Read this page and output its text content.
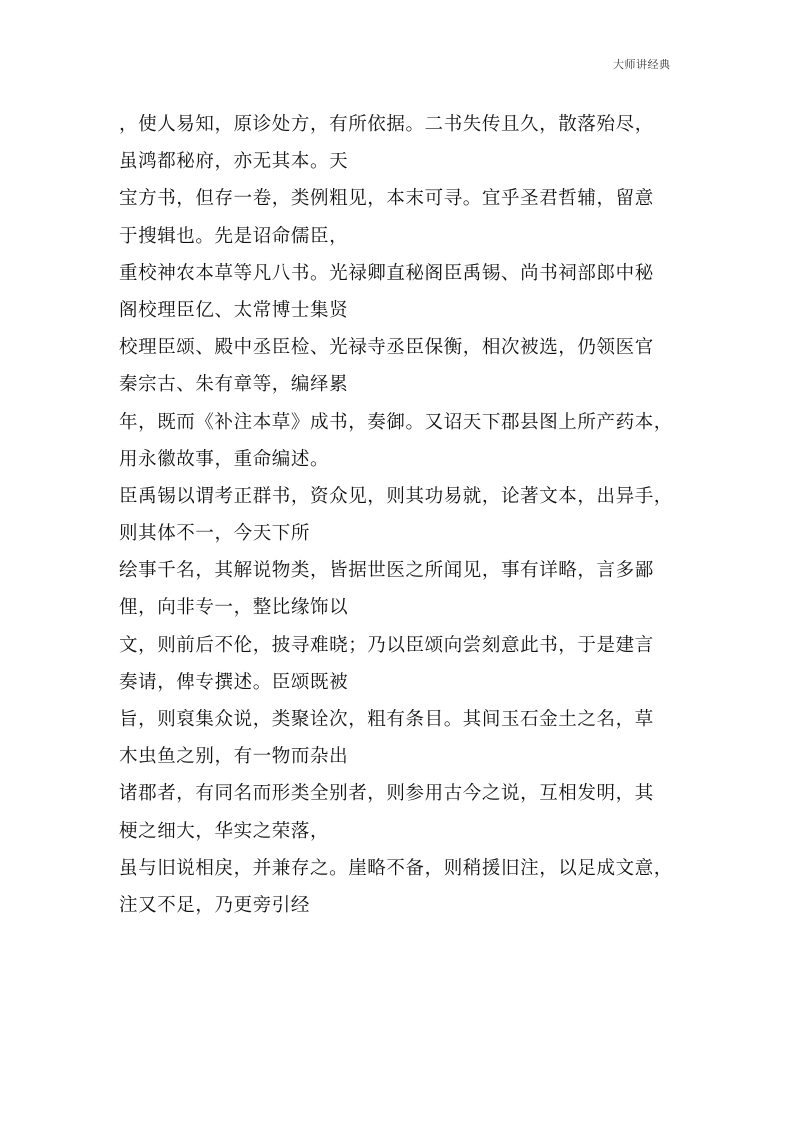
大师讲经典
，使人易知，原诊处方，有所依据。二书失传且久，散落殆尽，
虽鸿都秘府，亦无其本。天
宝方书，但存一卷，类例粗见，本末可寻。宜乎圣君哲辅，留意
于搜辑也。先是诏命儒臣，
重校神农本草等凡八书。光禄卿直秘阁臣禹锡、尚书祠部郎中秘
阁校理臣亿、太常博士集贤
校理臣颂、殿中丞臣检、光禄寺丞臣保衡，相次被选，仍领医官
秦宗古、朱有章等，编绎累
年，既而《补注本草》成书，奏御。又诏天下郡县图上所产药本，
用永徽故事，重命编述。
臣禹锡以谓考正群书，资众见，则其功易就，论著文本，出异手，
则其体不一，今天下所
绘事千名，其解说物类，皆据世医之所闻见，事有详略，言多鄙
俚，向非专一，整比缘饰以
文，则前后不伦，披寻难晓；乃以臣颂向尝刻意此书，于是建言
奏请，俾专撰述。臣颂既被
旨，则裒集众说，类聚诠次，粗有条目。其间玉石金土之名，草
木虫鱼之别，有一物而杂出
诸郡者，有同名而形类全别者，则参用古今之说，互相发明，其
梗之细大，华实之荣落，
虽与旧说相戾，并兼存之。崖略不备，则稍援旧注，以足成文意，
注又不足，乃更旁引经
